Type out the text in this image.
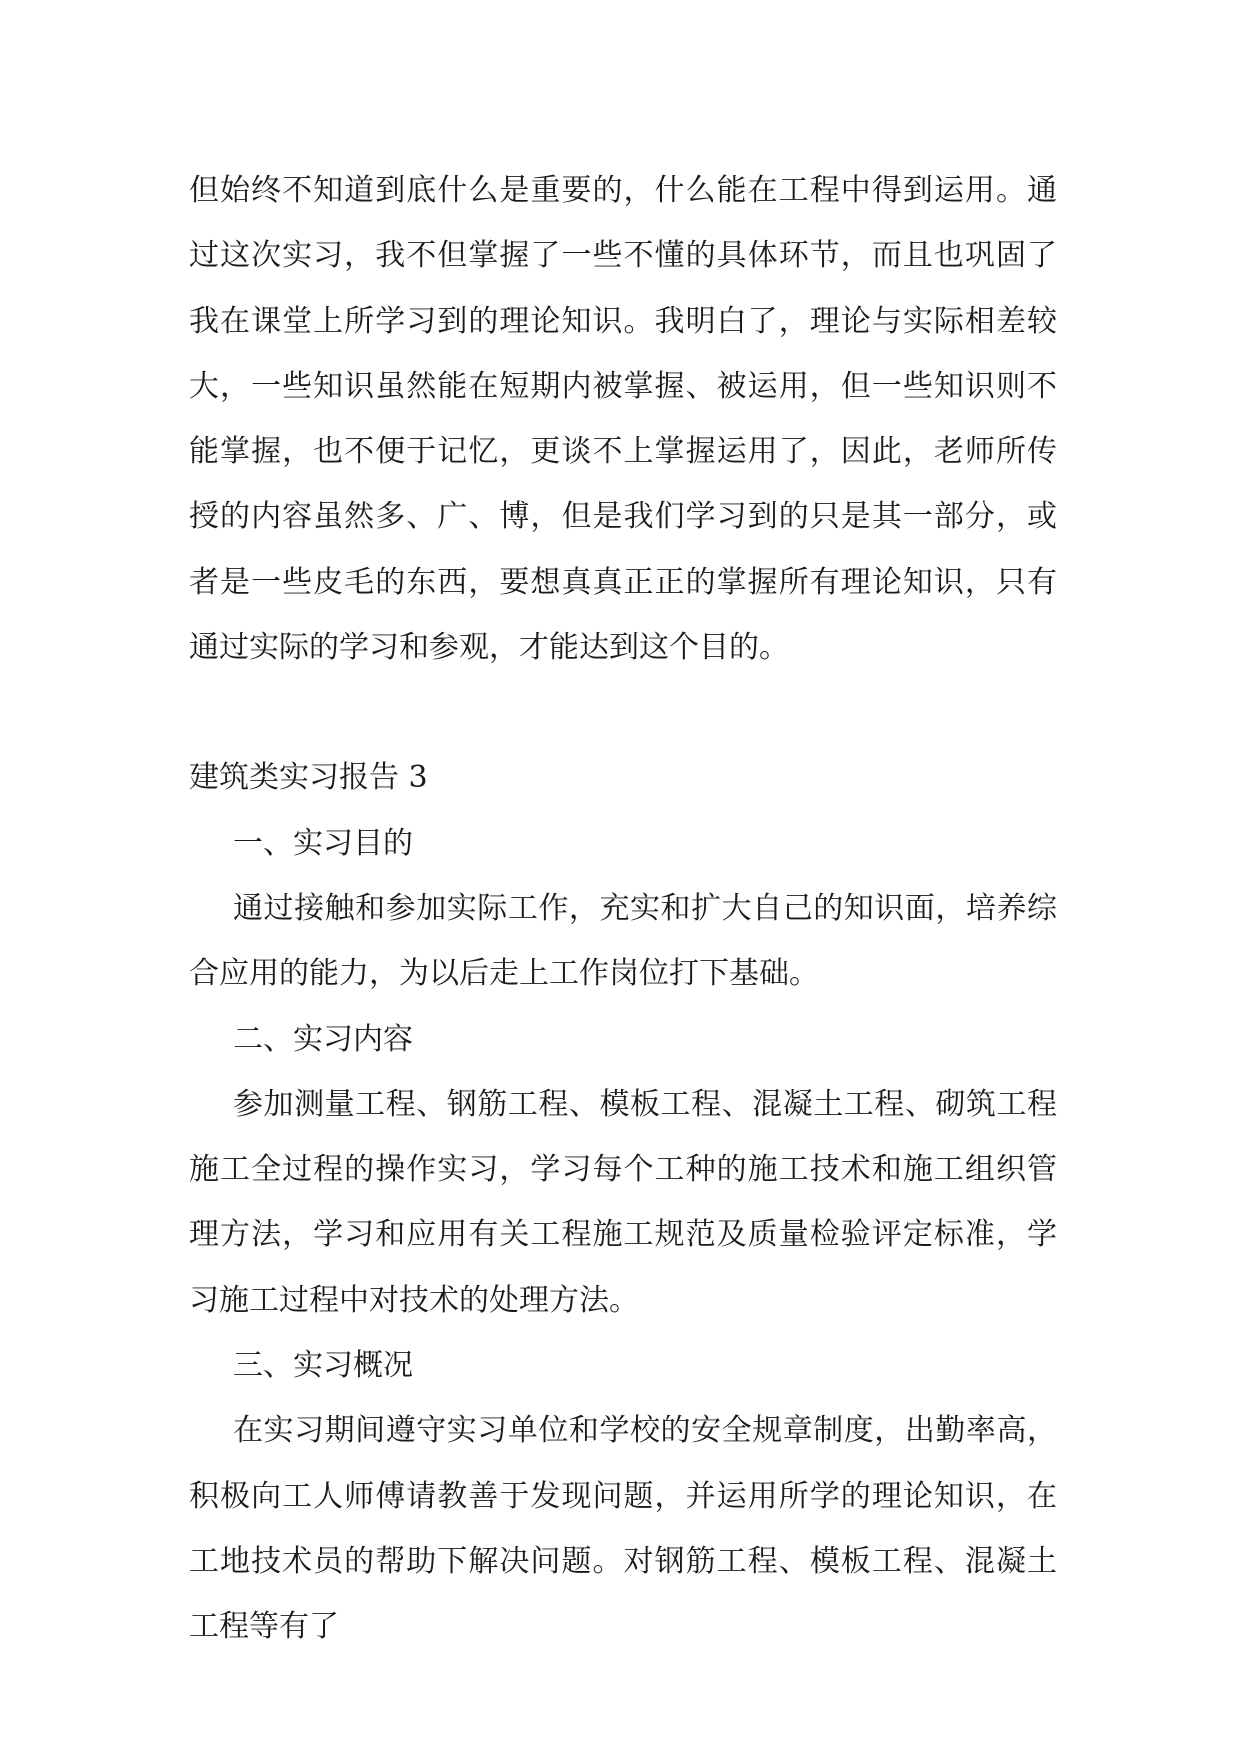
但始终不知道到底什么是重要的，什么能在工程中得到运用。通过这次实习，我不但掌握了一些不懂的具体环节，而且也巩固了我在课堂上所学习到的理论知识。我明白了，理论与实际相差较大，一些知识虽然能在短期内被掌握、被运用，但一些知识则不能掌握，也不便于记忆，更谈不上掌握运用了，因此，老师所传授的内容虽然多、广、博，但是我们学习到的只是其一部分，或者是一些皮毛的东西，要想真真正正的掌握所有理论知识，只有通过实际的学习和参观，才能达到这个目的。

建筑类实习报告 3

一、实习目的

通过接触和参加实际工作，充实和扩大自己的知识面，培养综合应用的能力，为以后走上工作岗位打下基础。

二、实习内容

参加测量工程、钢筋工程、模板工程、混凝土工程、砌筑工程施工全过程的操作实习，学习每个工种的施工技术和施工组织管理方法，学习和应用有关工程施工规范及质量检验评定标准，学习施工过程中对技术的处理方法。

三、实习概况

在实习期间遵守实习单位和学校的安全规章制度，出勤率高，积极向工人师傅请教善于发现问题，并运用所学的理论知识，在工地技术员的帮助下解决问题。对钢筋工程、模板工程、混凝土工程等有了
